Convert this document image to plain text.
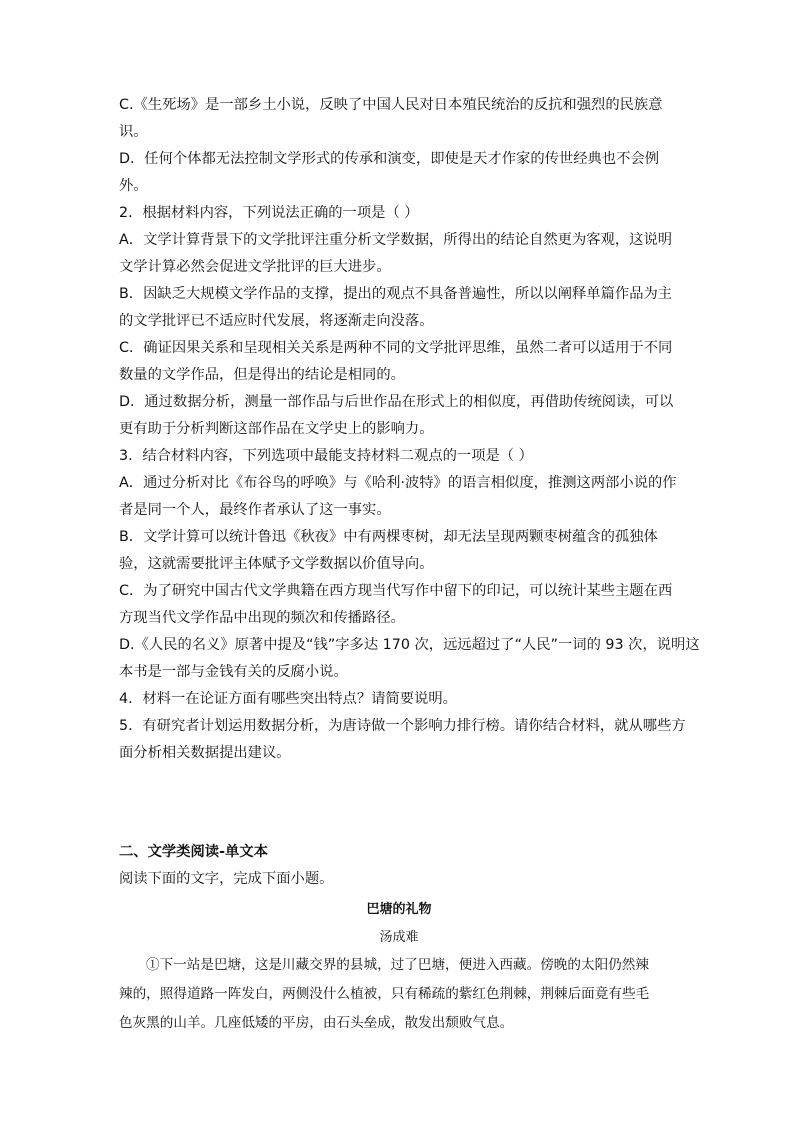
C.《生死场》是一部乡土小说，反映了中国人民对日本殖民统治的反抗和强烈的民族意
识。
D．任何个体都无法控制文学形式的传承和演变，即使是天才作家的传世经典也不会例
外。
2．根据材料内容，下列说法正确的一项是（ ）
A．文学计算背景下的文学批评注重分析文学数据，所得出的结论自然更为客观，这说明
文学计算必然会促进文学批评的巨大进步。
B．因缺乏大规模文学作品的支撑，提出的观点不具备普遍性，所以以阐释单篇作品为主
的文学批评已不适应时代发展，将逐渐走向没落。
C．确证因果关系和呈现相关关系是两种不同的文学批评思维，虽然二者可以适用于不同
数量的文学作品，但是得出的结论是相同的。
D．通过数据分析，测量一部作品与后世作品在形式上的相似度，再借助传统阅读，可以
更有助于分析判断这部作品在文学史上的影响力。
3．结合材料内容，下列选项中最能支持材料二观点的一项是（ ）
A．通过分析对比《布谷鸟的呼唤》与《哈利·波特》的语言相似度，推测这两部小说的作
者是同一个人，最终作者承认了这一事实。
B．文学计算可以统计鲁迅《秋夜》中有两棵枣树，却无法呈现两颗枣树蕴含的孤独体
验，这就需要批评主体赋予文学数据以价值导向。
C．为了研究中国古代文学典籍在西方现当代写作中留下的印记，可以统计某些主题在西
方现当代文学作品中出现的频次和传播路径。
D.《人民的名义》原著中提及“钱”字多达 170 次，远远超过了“人民”一词的 93 次，说明这
本书是一部与金钱有关的反腐小说。
4．材料一在论证方面有哪些突出特点？请简要说明。
5．有研究者计划运用数据分析，为唐诗做一个影响力排行榜。请你结合材料，就从哪些方
面分析相关数据提出建议。
二、文学类阅读-单文本
阅读下面的文字，完成下面小题。
巴塘的礼物
汤成难
①下一站是巴塘，这是川藏交界的县城，过了巴塘，便进入西藏。傍晚的太阳仍然辣
辣的，照得道路一阵发白，两侧没什么植被，只有稀疏的紫红色荆棘，荆棘后面竟有些毛
色灰黑的山羊。几座低矮的平房，由石头垒成，散发出颓败气息。
